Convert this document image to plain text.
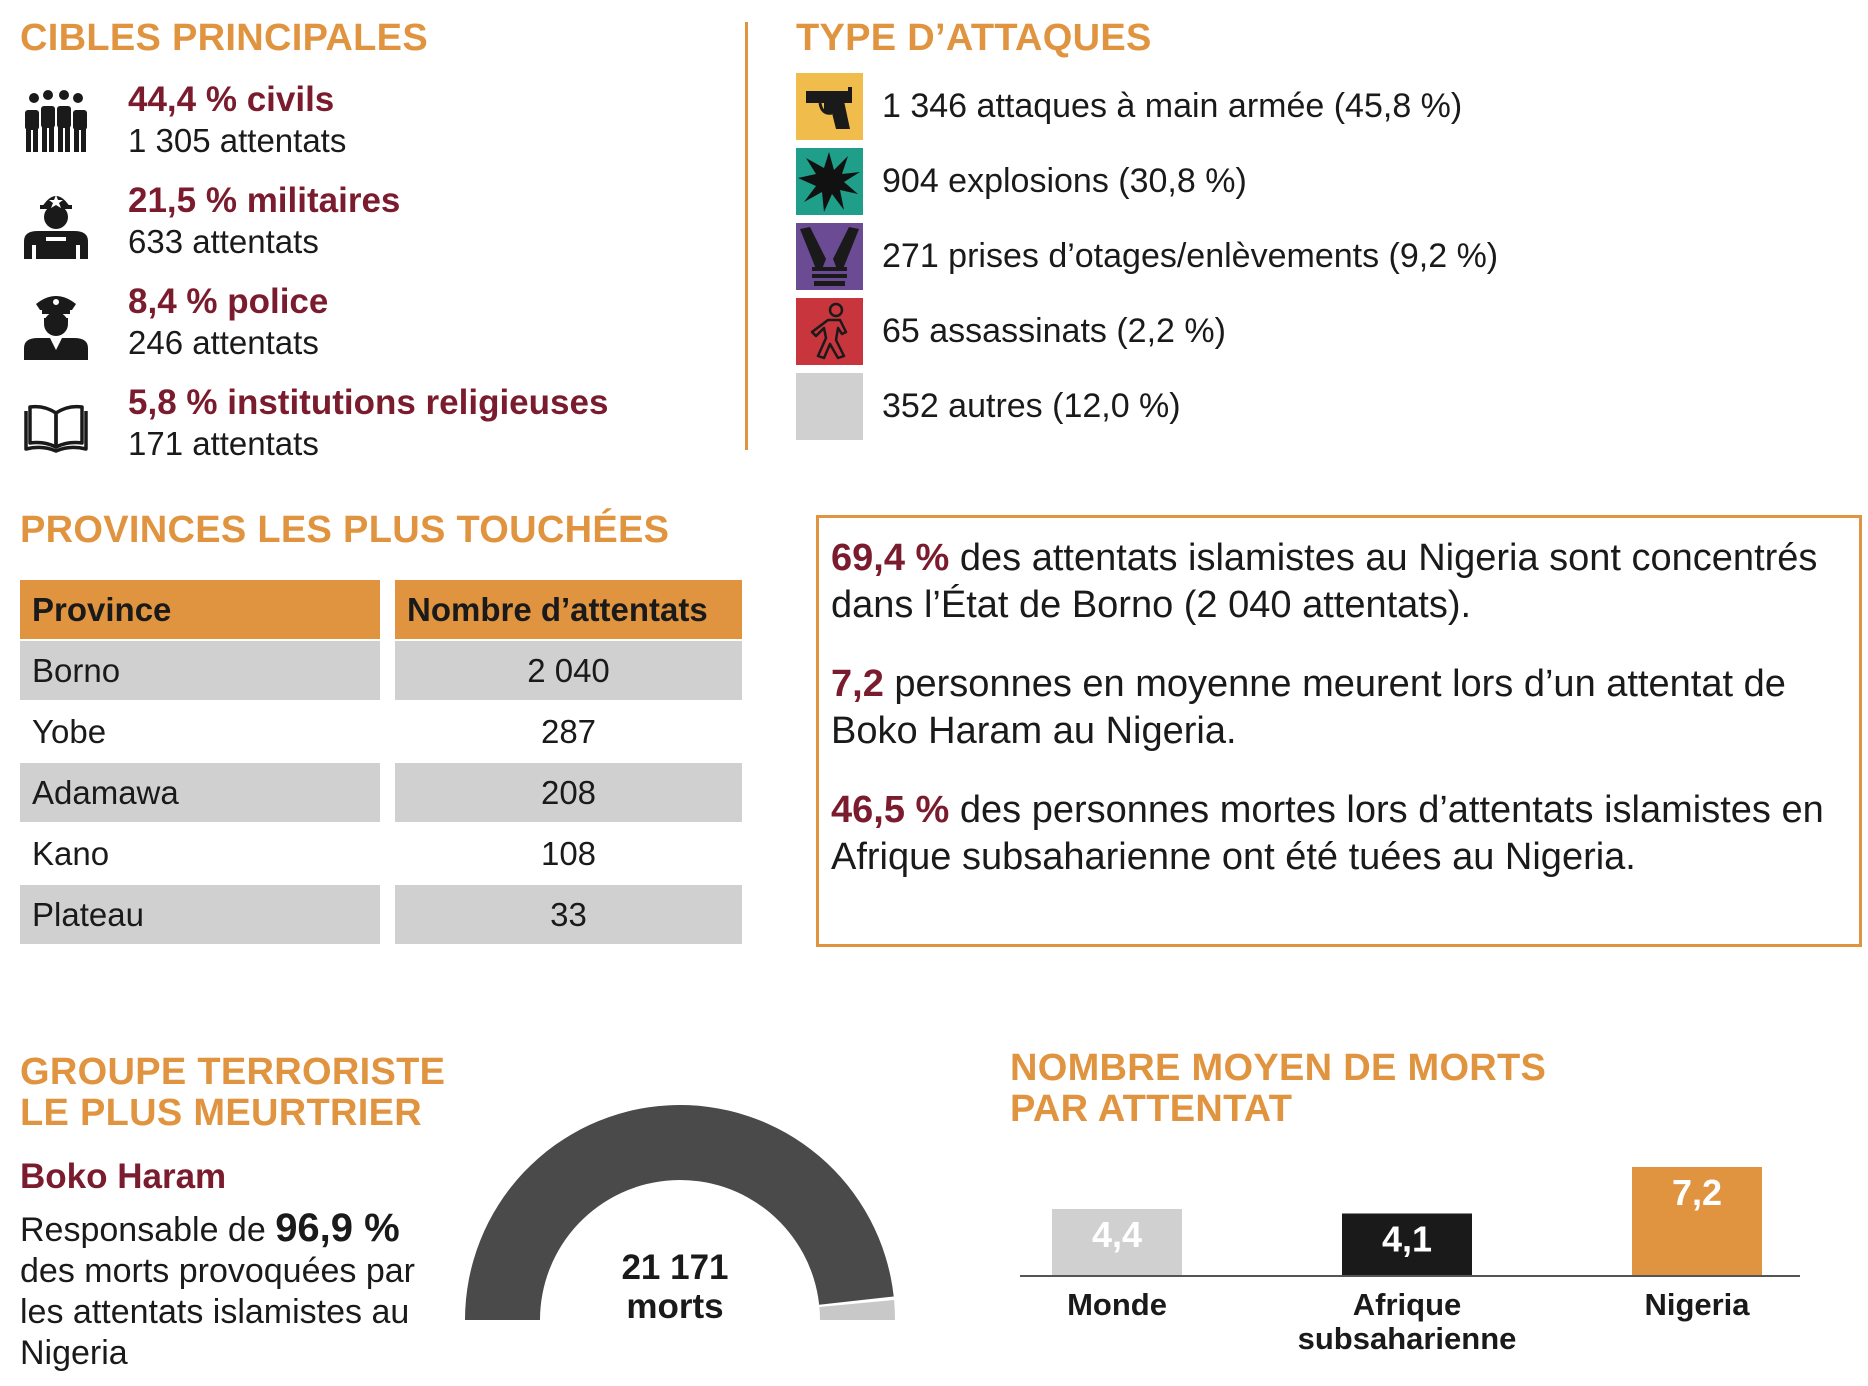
CIBLES PRINCIPALES
44,4 % civils
1 305 attentats
21,5 % militaires
633 attentats
8,4 % police
246 attentats
5,8 % institutions religieuses
171 attentats
TYPE D’ATTAQUES
1 346 attaques à main armée (45,8 %)
904 explosions (30,8 %)
271 prises d’otages/enlèvements (9,2 %)
65 assassinats (2,2 %)
352 autres (12,0 %)
PROVINCES LES PLUS TOUCHÉES
Province	Nombre d’attentats
Borno	2 040
Yobe	287
Adamawa	208
Kano	108
Plateau	33

69,4 % des attentats islamistes au Nigeria sont concentrés dans l’État de Borno (2 040 attentats).

7,2 personnes en moyenne meurent lors d’un attentat de Boko Haram au Nigeria.

46,5 % des personnes mortes lors d’attentats islamistes en Afrique subsaharienne ont été tuées au Nigeria.

GROUPE TERRORISTE
LE PLUS MEURTRIER
Boko Haram

Responsable de 96,9 % des morts provoquées par les attentats islamistes au Nigeria

21 171
morts
NOMBRE MOYEN DE MORTS
PAR ATTENTAT
4,4
Monde
4,1
Afrique
subsaharienne
7,2
Nigeria
